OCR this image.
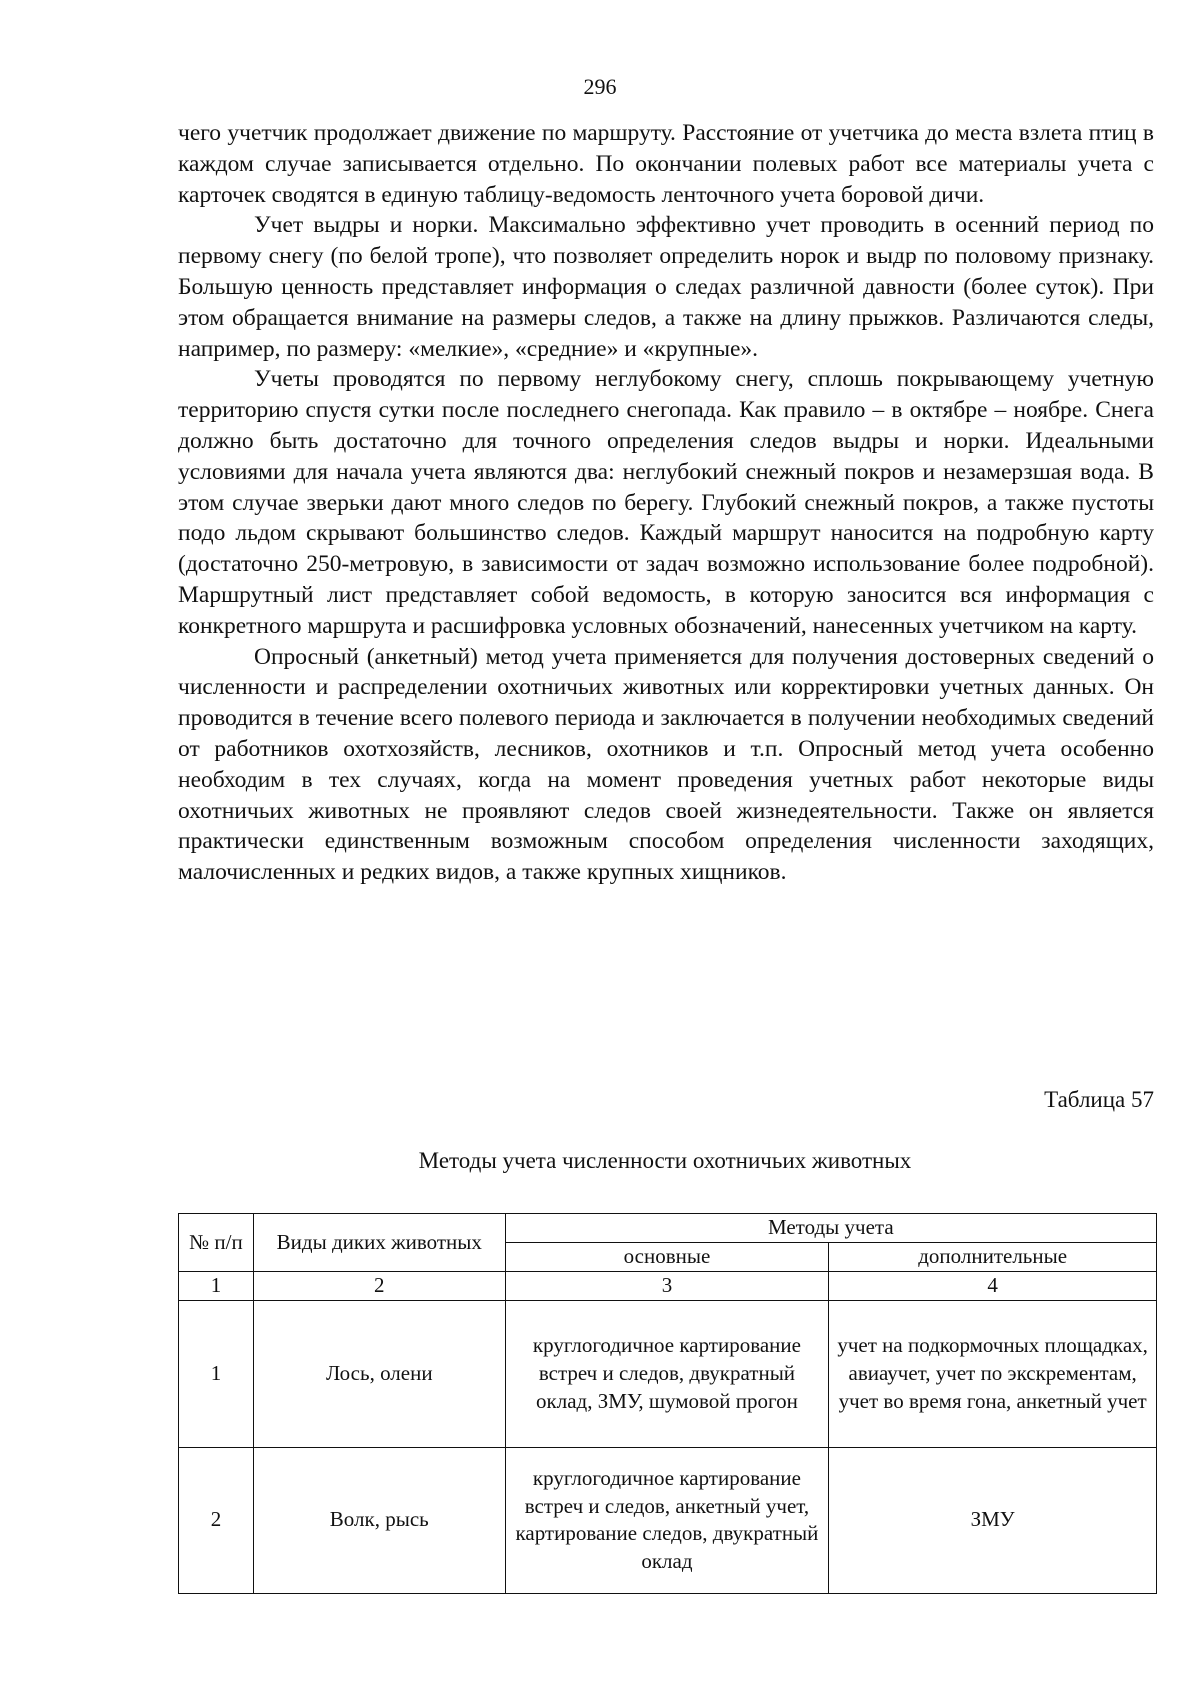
296

чего учетчик продолжает движение по маршруту. Расстояние от учетчика до места взлета птиц в каждом случае записывается отдельно. По окончании полевых работ все материалы учета с карточек сводятся в единую таблицу-ведомость ленточного учета боровой дичи.

Учет выдры и норки. Максимально эффективно учет проводить в осенний период по первому снегу (по белой тропе), что позволяет определить норок и выдр по половому признаку. Большую ценность представляет информация о следах различной давности (более суток). При этом обращается внимание на размеры следов, а также на длину прыжков. Различаются следы, например, по размеру: «мелкие», «средние» и «крупные».

Учеты проводятся по первому неглубокому снегу, сплошь покрывающему учетную территорию спустя сутки после последнего снегопада. Как правило – в октябре – ноябре. Снега должно быть достаточно для точного определения следов выдры и норки. Идеальными условиями для начала учета являются два: неглубокий снежный покров и незамерзшая вода. В этом случае зверьки дают много следов по берегу. Глубокий снежный покров, а также пустоты подо льдом скрывают большинство следов. Каждый маршрут наносится на подробную карту (достаточно 250-метровую, в зависимости от задач возможно использование более подробной). Маршрутный лист представляет собой ведомость, в которую заносится вся информация с конкретного маршрута и расшифровка условных обозначений, нанесенных учетчиком на карту.

Опросный (анкетный) метод учета применяется для получения достоверных сведений о численности и распределении охотничьих животных или корректировки учетных данных. Он проводится в течение всего полевого периода и заключается в получении необходимых сведений от работников охотхозяйств, лесников, охотников и т.п. Опросный метод учета особенно необходим в тех случаях, когда на момент проведения учетных работ некоторые виды охотничьих животных не проявляют следов своей жизнедеятельности. Также он является практически единственным возможным способом определения численности заходящих, малочисленных и редких видов, а также крупных хищников.

Таблица 57
Методы учета численности охотничьих животных
№ п/п	Виды диких животных	Методы учета	
		основные	дополнительные
1	2	3	4
1	Лось, олени	круглогодичное картирование встреч и следов, двукратный оклад, ЗМУ, шумовой прогон	учет на подкормочных площадках, авиаучет, учет по экскрементам, учет во время гона, анкетный учет
2	Волк, рысь	круглогодичное картирование встреч и следов, анкетный учет, картирование следов, двукратный оклад	ЗМУ
